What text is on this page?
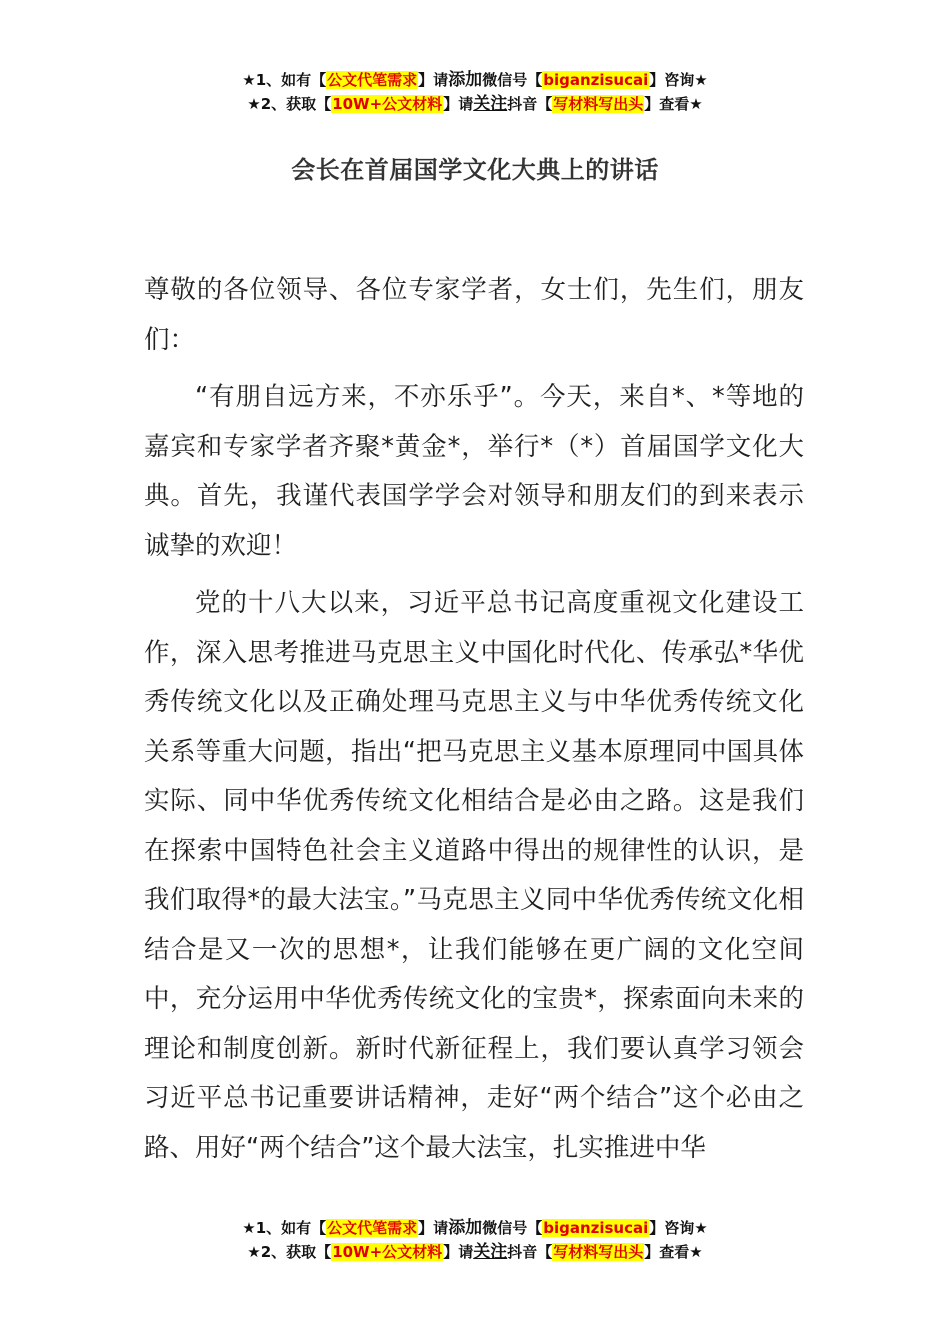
★1、如有【公文代笔需求】请添加微信号【biganzisucai】咨询★
★2、获取【10W+公文材料】请关注抖音【写材料写出头】查看★
会长在首届国学文化大典上的讲话

尊敬的各位领导、各位专家学者，女士们，先生们，朋友们：

“有朋自远方来，不亦乐乎”。今天，来自*、*等地的嘉宾和专家学者齐聚*黄金*，举行*（*）首届国学文化大典。首先，我谨代表国学学会对领导和朋友们的到来表示诚挚的欢迎！

党的十八大以来，习近平总书记高度重视文化建设工作，深入思考推进马克思主义中国化时代化、传承弘*华优秀传统文化以及正确处理马克思主义与中华优秀传统文化关系等重大问题，指出“把马克思主义基本原理同中国具体实际、同中华优秀传统文化相结合是必由之路。这是我们在探索中国特色社会主义道路中得出的规律性的认识，是我们取得*的最大法宝。”马克思主义同中华优秀传统文化相结合是又一次的思想*，让我们能够在更广阔的文化空间中，充分运用中华优秀传统文化的宝贵*，探索面向未来的理论和制度创新。新时代新征程上，我们要认真学习领会习近平总书记重要讲话精神，走好“两个结合”这个必由之路、用好“两个结合”这个最大法宝，扎实推进中华

★1、如有【公文代笔需求】请添加微信号【biganzisucai】咨询★
★2、获取【10W+公文材料】请关注抖音【写材料写出头】查看★
